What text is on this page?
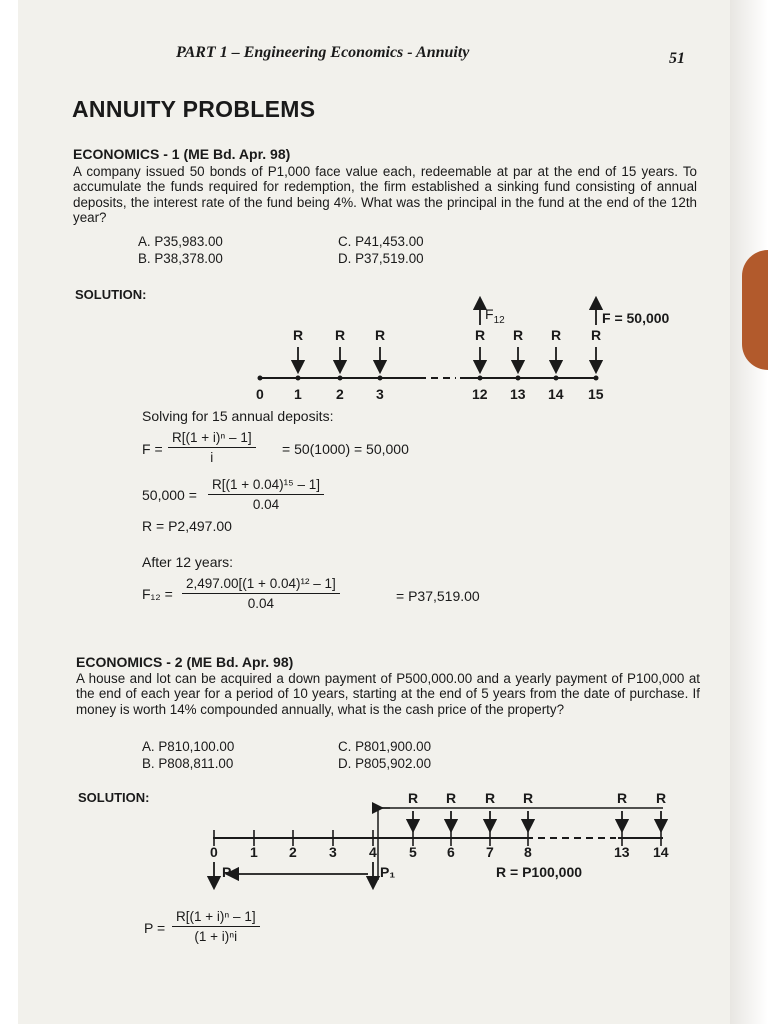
PART 1 – Engineering Economics - Annuity	51
ANNUITY PROBLEMS
ECONOMICS - 1 (ME Bd. Apr. 98)
A company issued 50 bonds of P1,000 face value each, redeemable at par at the end of 15 years. To accumulate the funds required for redemption, the firm established a sinking fund consisting of annual deposits, the interest rate of the fund being 4%. What was the principal in the fund at the end of the 12th year?
A. P35,983.00
B. P38,378.00
C. P41,453.00
D. P37,519.00
SOLUTION:
R R R	R R R R
$F_{12}$	F = 50,000
0 1 2 3	12 13 14 15
Solving for 15 annual deposits:
$F = \frac{\text{R[(1 + i)ⁿ – 1]}}{i} = 50(1000) = 50,000$
$50,000 = \frac{\text{R[(1 + 0.04)¹⁵ – 1]}}{0.04}$
R = P2,497.00
After 12 years:
$F_{12} = \frac{\text{2,497.00[(1 + 0.04)¹² – 1]}}{0.04}$	= P37,519.00
ECONOMICS - 2 (ME Bd. Apr. 98)
A house and lot can be acquired a down payment of P500,000.00 and a yearly payment of P100,000 at the end of each year for a period of 10 years, starting at the end of 5 years from the date of purchase. If money is worth 14% compounded annually, what is the cash price of the property?
A. P810,100.00
B. P808,811.00
C. P801,900.00
D. P805,902.00
SOLUTION:	R R R R	R R
0 1 2 3 4 5 6 7 8	13 14
P	P₁	R = P100,000
$P = \frac{\text{R[(1 + i)ⁿ – 1]}}{\text{(1 + i)ⁿi}}$
